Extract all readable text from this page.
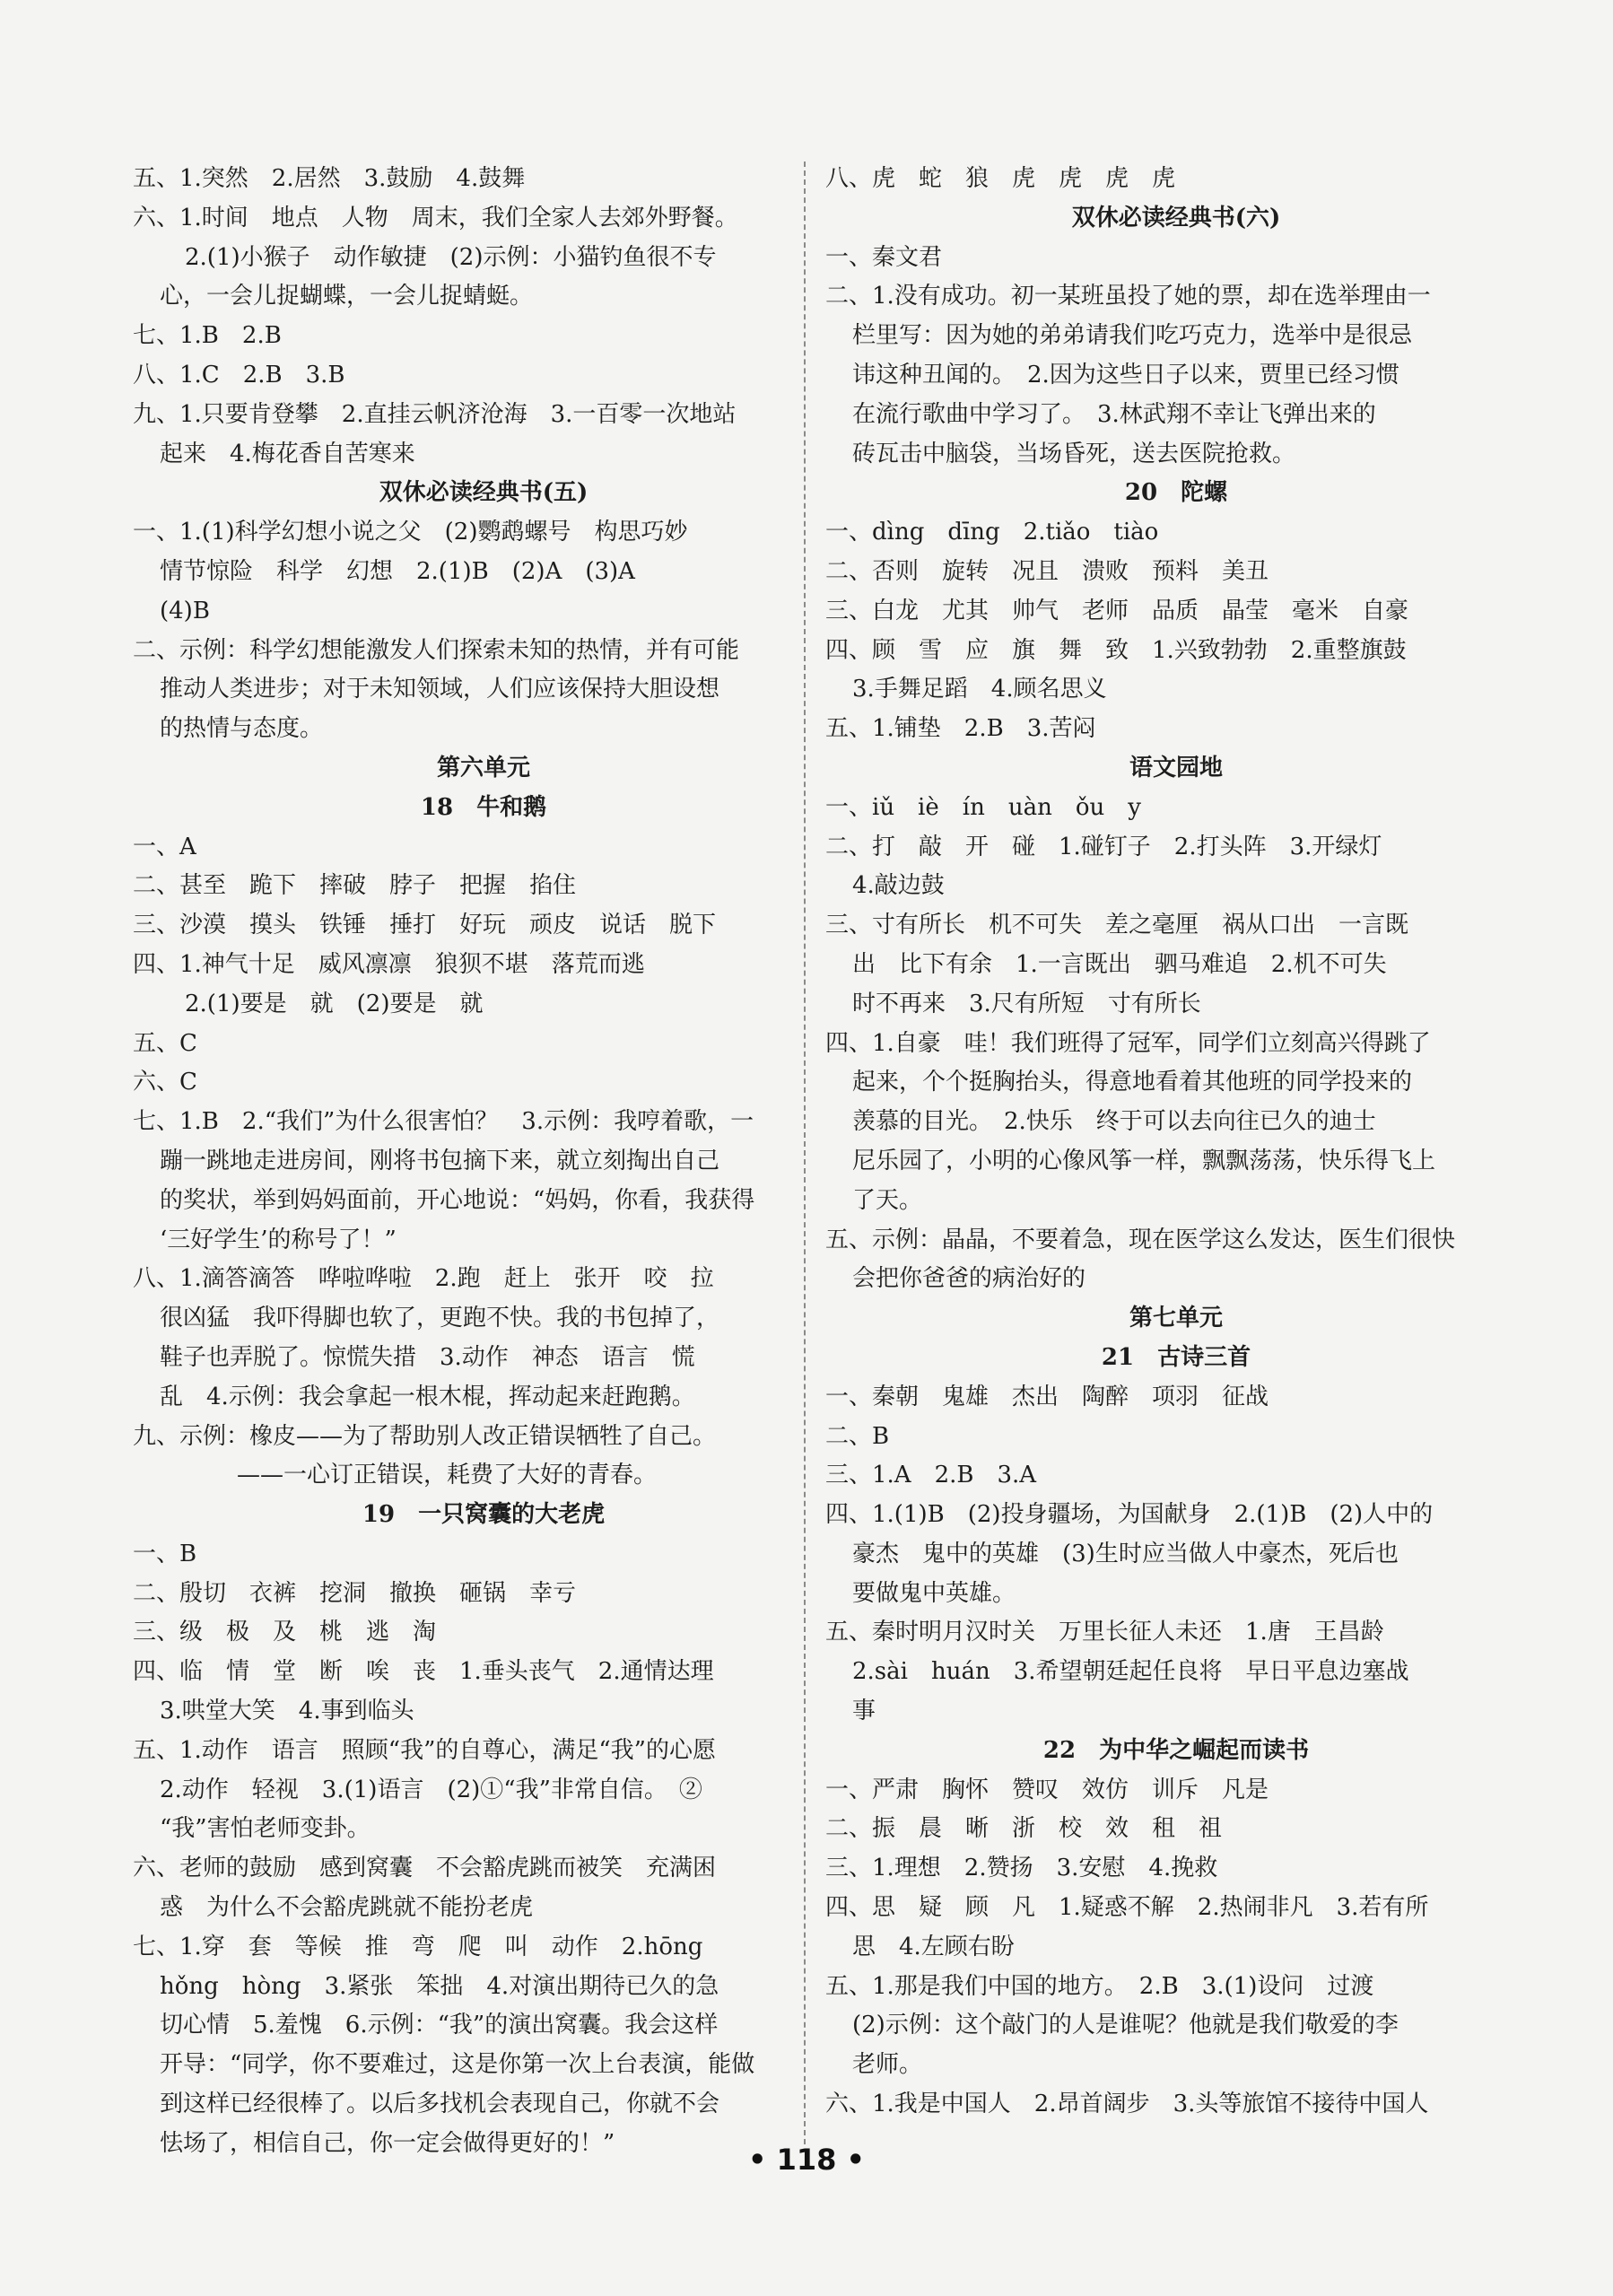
五、1.突然　2.居然　3.鼓励　4.鼓舞
六、1.时间　地点　人物　周末，我们全家人去郊外野餐。
2.(1)小猴子　动作敏捷　(2)示例：小猫钓鱼很不专
心，一会儿捉蝴蝶，一会儿捉蜻蜓。
七、1.B　2.B
八、1.C　2.B　3.B
九、1.只要肯登攀　2.直挂云帆济沧海　3.一百零一次地站
起来　4.梅花香自苦寒来
双休必读经典书(五)
一、1.(1)科学幻想小说之父　(2)鹦鹉螺号　构思巧妙
情节惊险　科学　幻想　2.(1)B　(2)A　(3)A
(4)B
二、示例：科学幻想能激发人们探索未知的热情，并有可能
推动人类进步；对于未知领域，人们应该保持大胆设想
的热情与态度。
第六单元
18　牛和鹅
一、A
二、甚至　跪下　摔破　脖子　把握　掐住
三、沙漠　摸头　铁锤　捶打　好玩　顽皮　说话　脱下
四、1.神气十足　威风凛凛　狼狈不堪　落荒而逃
2.(1)要是　就　(2)要是　就
五、C
六、C
七、1.B　2.“我们”为什么很害怕？　3.示例：我哼着歌，一
蹦一跳地走进房间，刚将书包摘下来，就立刻掏出自己
的奖状，举到妈妈面前，开心地说：“妈妈，你看，我获得
‘三好学生’的称号了！”
八、1.滴答滴答　哗啦哗啦　2.跑　赶上　张开　咬　拉
很凶猛　我吓得脚也软了，更跑不快。我的书包掉了，
鞋子也弄脱了。惊慌失措　3.动作　神态　语言　慌
乱　4.示例：我会拿起一根木棍，挥动起来赶跑鹅。
九、示例：橡皮——为了帮助别人改正错误牺牲了自己。
——一心订正错误，耗费了大好的青春。
19　一只窝囊的大老虎
一、B
二、殷切　衣裤　挖洞　撤换　砸锅　幸亏
三、级　极　及　桃　逃　淘
四、临　情　堂　断　唉　丧　1.垂头丧气　2.通情达理
3.哄堂大笑　4.事到临头
五、1.动作　语言　照顾“我”的自尊心，满足“我”的心愿
2.动作　轻视　3.(1)语言　(2)①“我”非常自信。　②
“我”害怕老师变卦。
六、老师的鼓励　感到窝囊　不会豁虎跳而被笑　充满困
惑　为什么不会豁虎跳就不能扮老虎
七、1.穿　套　等候　推　弯　爬　叫　动作　2.hōng
hǒng　hòng　3.紧张　笨拙　4.对演出期待已久的急
切心情　5.羞愧　6.示例：“我”的演出窝囊。我会这样
开导：“同学，你不要难过，这是你第一次上台表演，能做
到这样已经很棒了。以后多找机会表现自己，你就不会
怯场了，相信自己，你一定会做得更好的！”
八、虎　蛇　狼　虎　虎　虎　虎
双休必读经典书(六)
一、秦文君
二、1.没有成功。初一某班虽投了她的票，却在选举理由一
栏里写：因为她的弟弟请我们吃巧克力，选举中是很忌
讳这种丑闻的。　2.因为这些日子以来，贾里已经习惯
在流行歌曲中学习了。　3.林武翔不幸让飞弹出来的
砖瓦击中脑袋，当场昏死，送去医院抢救。
20　陀螺
一、dìng　dīng　2.tiǎo　tiào
二、否则　旋转　况且　溃败　预料　美丑
三、白龙　尤其　帅气　老师　品质　晶莹　毫米　自豪
四、顾　雪　应　旗　舞　致　1.兴致勃勃　2.重整旗鼓
3.手舞足蹈　4.顾名思义
五、1.铺垫　2.B　3.苦闷
语文园地
一、iǔ　iè　ín　uàn　ǒu　y
二、打　敲　开　碰　1.碰钉子　2.打头阵　3.开绿灯
4.敲边鼓
三、寸有所长　机不可失　差之毫厘　祸从口出　一言既
出　比下有余　1.一言既出　驷马难追　2.机不可失
时不再来　3.尺有所短　寸有所长
四、1.自豪　哇！我们班得了冠军，同学们立刻高兴得跳了
起来，个个挺胸抬头，得意地看着其他班的同学投来的
羡慕的目光。　2.快乐　终于可以去向往已久的迪士
尼乐园了，小明的心像风筝一样，飘飘荡荡，快乐得飞上
了天。
五、示例：晶晶，不要着急，现在医学这么发达，医生们很快
会把你爸爸的病治好的
第七单元
21　古诗三首
一、秦朝　鬼雄　杰出　陶醉　项羽　征战
二、B
三、1.A　2.B　3.A
四、1.(1)B　(2)投身疆场，为国献身　2.(1)B　(2)人中的
豪杰　鬼中的英雄　(3)生时应当做人中豪杰，死后也
要做鬼中英雄。
五、秦时明月汉时关　万里长征人未还　1.唐　王昌龄
2.sài　huán　3.希望朝廷起任良将　早日平息边塞战
事
22　为中华之崛起而读书
一、严肃　胸怀　赞叹　效仿　训斥　凡是
二、振　晨　晰　浙　校　效　租　祖
三、1.理想　2.赞扬　3.安慰　4.挽救
四、思　疑　顾　凡　1.疑惑不解　2.热闹非凡　3.若有所
思　4.左顾右盼
五、1.那是我们中国的地方。　2.B　3.(1)设问　过渡
(2)示例：这个敲门的人是谁呢？他就是我们敬爱的李
老师。
六、1.我是中国人　2.昂首阔步　3.头等旅馆不接待中国人
• 118 •
